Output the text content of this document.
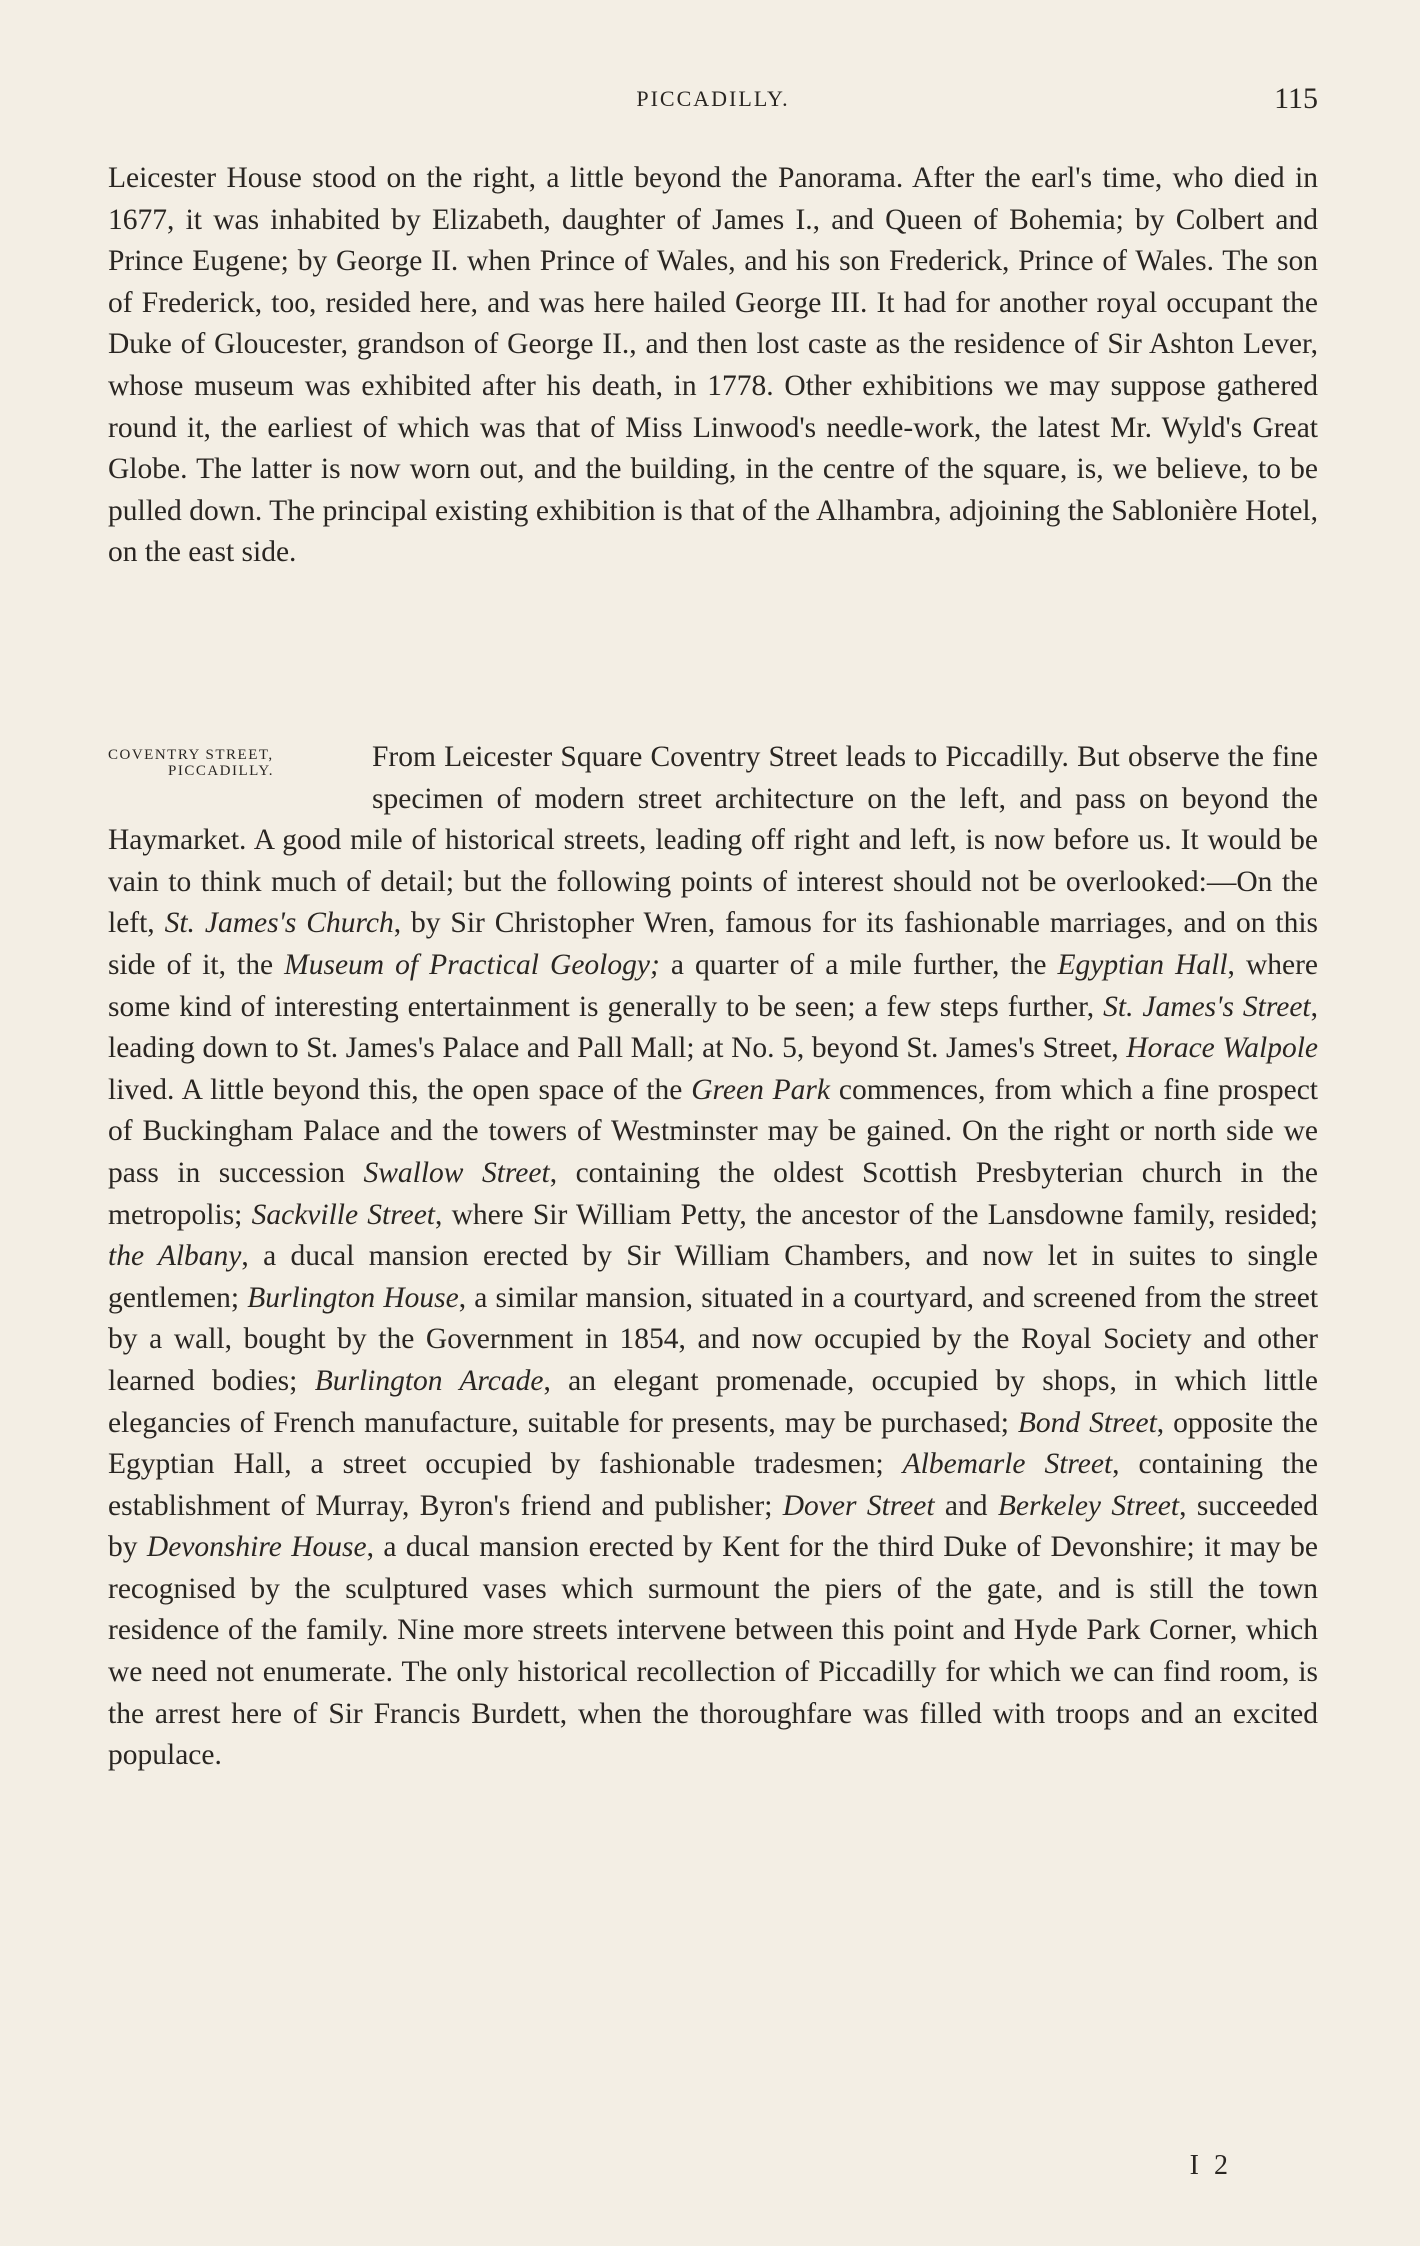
PICCADILLY.	115

Leicester House stood on the right, a little beyond the Panorama. After the earl's time, who died in 1677, it was inhabited by Elizabeth, daughter of James I., and Queen of Bohemia; by Colbert and Prince Eugene; by George II. when Prince of Wales, and his son Frederick, Prince of Wales. The son of Frederick, too, resided here, and was here hailed George III. It had for another royal occupant the Duke of Gloucester, grandson of George II., and then lost caste as the residence of Sir Ashton Lever, whose museum was exhibited after his death, in 1778. Other exhibitions we may suppose gathered round it, the earliest of which was that of Miss Linwood's needle-work, the latest Mr. Wyld's Great Globe. The latter is now worn out, and the building, in the centre of the square, is, we believe, to be pulled down. The principal existing exhibition is that of the Alhambra, adjoining the Sablonière Hotel, on the east side.

COVENTRY STREET,
PICCADILLY.	From Leicester Square Coventry Street leads to Piccadilly. But observe the fine specimen of modern street architecture on the left, and pass on beyond the Haymarket. A good mile of historical streets, leading off right and left, is now before us. It would be vain to think much of detail; but the following points of interest should not be overlooked:—On the left, St. James's Church, by Sir Christopher Wren, famous for its fashionable marriages, and on this side of it, the Museum of Practical Geology; a quarter of a mile further, the Egyptian Hall, where some kind of interesting entertainment is generally to be seen; a few steps further, St. James's Street, leading down to St. James's Palace and Pall Mall; at No. 5, beyond St. James's Street, Horace Walpole lived. A little beyond this, the open space of the Green Park commences, from which a fine prospect of Buckingham Palace and the towers of Westminster may be gained. On the right or north side we pass in succession Swallow Street, containing the oldest Scottish Presbyterian church in the metropolis; Sackville Street, where Sir William Petty, the ancestor of the Lansdowne family, resided; the Albany, a ducal mansion erected by Sir William Chambers, and now let in suites to single gentlemen; Burlington House, a similar mansion, situated in a courtyard, and screened from the street by a wall, bought by the Government in 1854, and now occupied by the Royal Society and other learned bodies; Burlington Arcade, an elegant promenade, occupied by shops, in which little elegancies of French manufacture, suitable for presents, may be purchased; Bond Street, opposite the Egyptian Hall, a street occupied by fashionable tradesmen; Albemarle Street, containing the establishment of Murray, Byron's friend and publisher; Dover Street and Berkeley Street, succeeded by Devonshire House, a ducal mansion erected by Kent for the third Duke of Devonshire; it may be recognised by the sculptured vases which surmount the piers of the gate, and is still the town residence of the family. Nine more streets intervene between this point and Hyde Park Corner, which we need not enumerate. The only historical recollection of Piccadilly for which we can find room, is the arrest here of Sir Francis Burdett, when the thoroughfare was filled with troops and an excited populace.

I 2
